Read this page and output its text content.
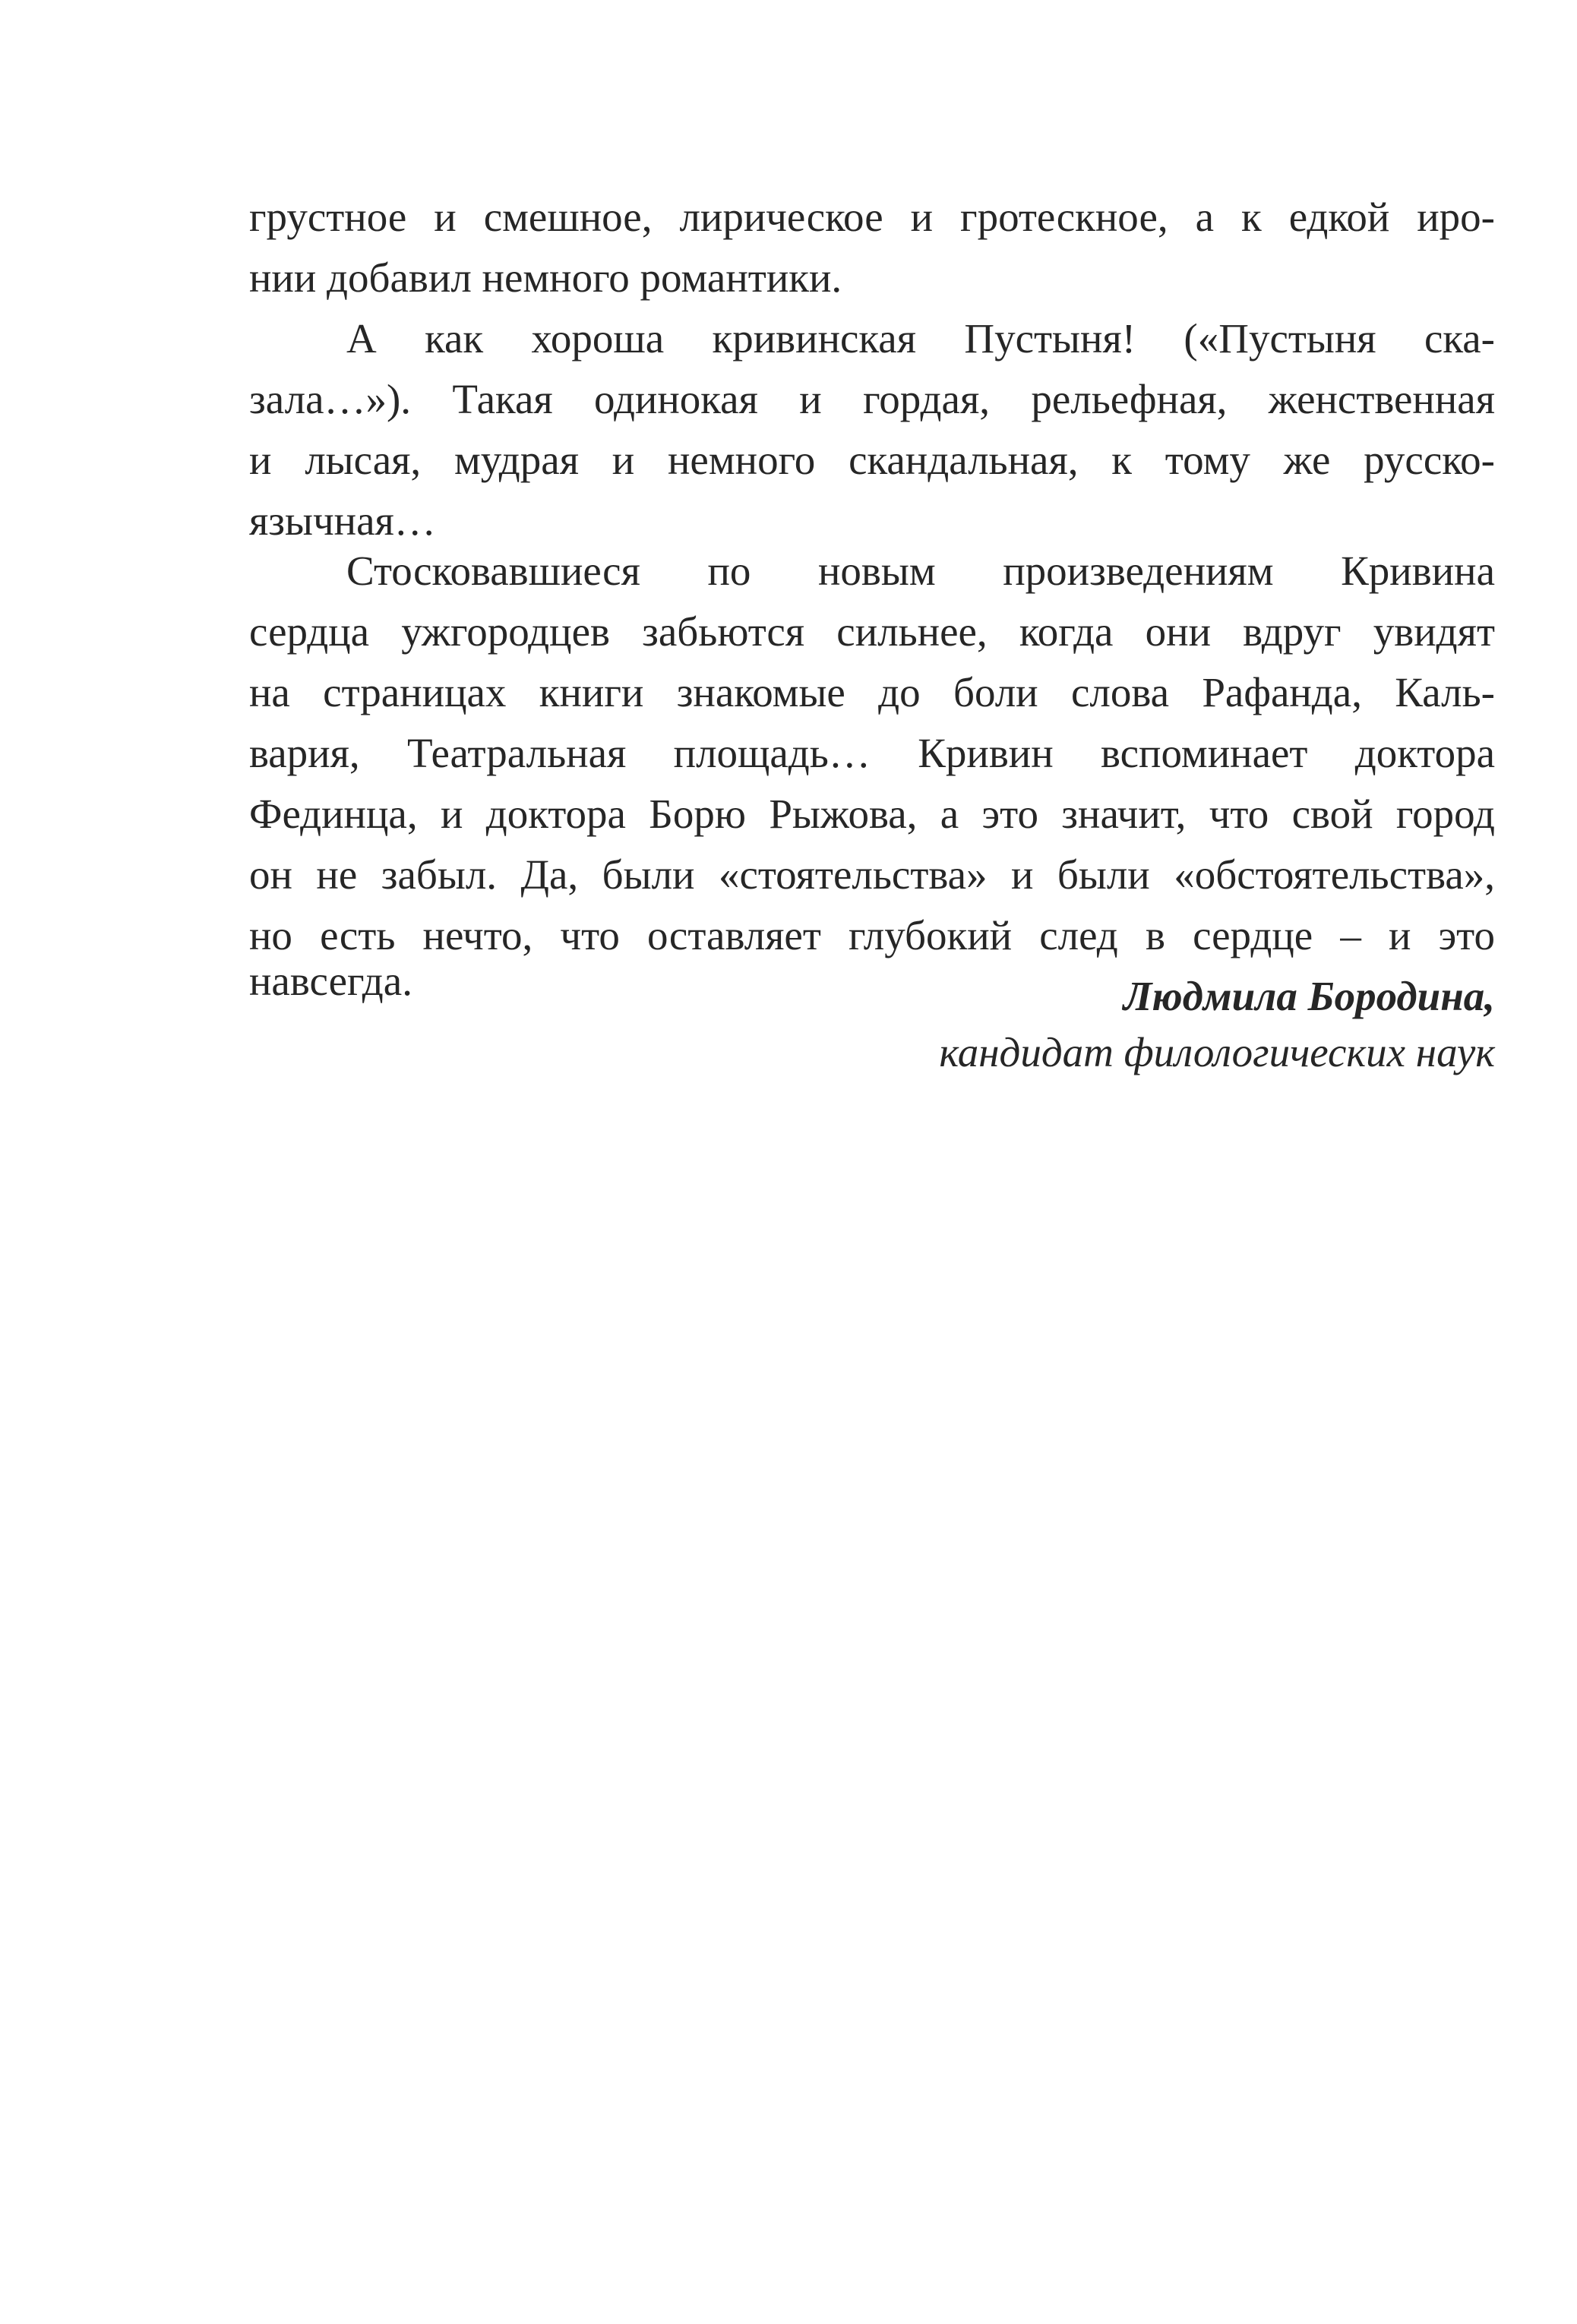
грустное и смешное, лирическое и гротескное, а к едкой иро-
нии добавил немного романтики.
А как хороша кривинская Пустыня! («Пустыня ска-
зала…»). Такая одинокая и гордая, рельефная, женственная
и лысая, мудрая и немного скандальная, к тому же русско-
язычная…
Стосковавшиеся по новым произведениям Кривина
сердца ужгородцев забьются сильнее, когда они вдруг увидят
на страницах книги знакомые до боли слова Рафанда, Каль-
вария, Театральная площадь… Кривин вспоминает доктора
Фединца, и доктора Борю Рыжова, а это значит, что свой город
он не забыл. Да, были «стоятельства» и были «обстоятельства»,
но есть нечто, что оставляет глубокий след в сердце – и это
навсегда.	Людмила Бородина,
кандидат филологических наук
